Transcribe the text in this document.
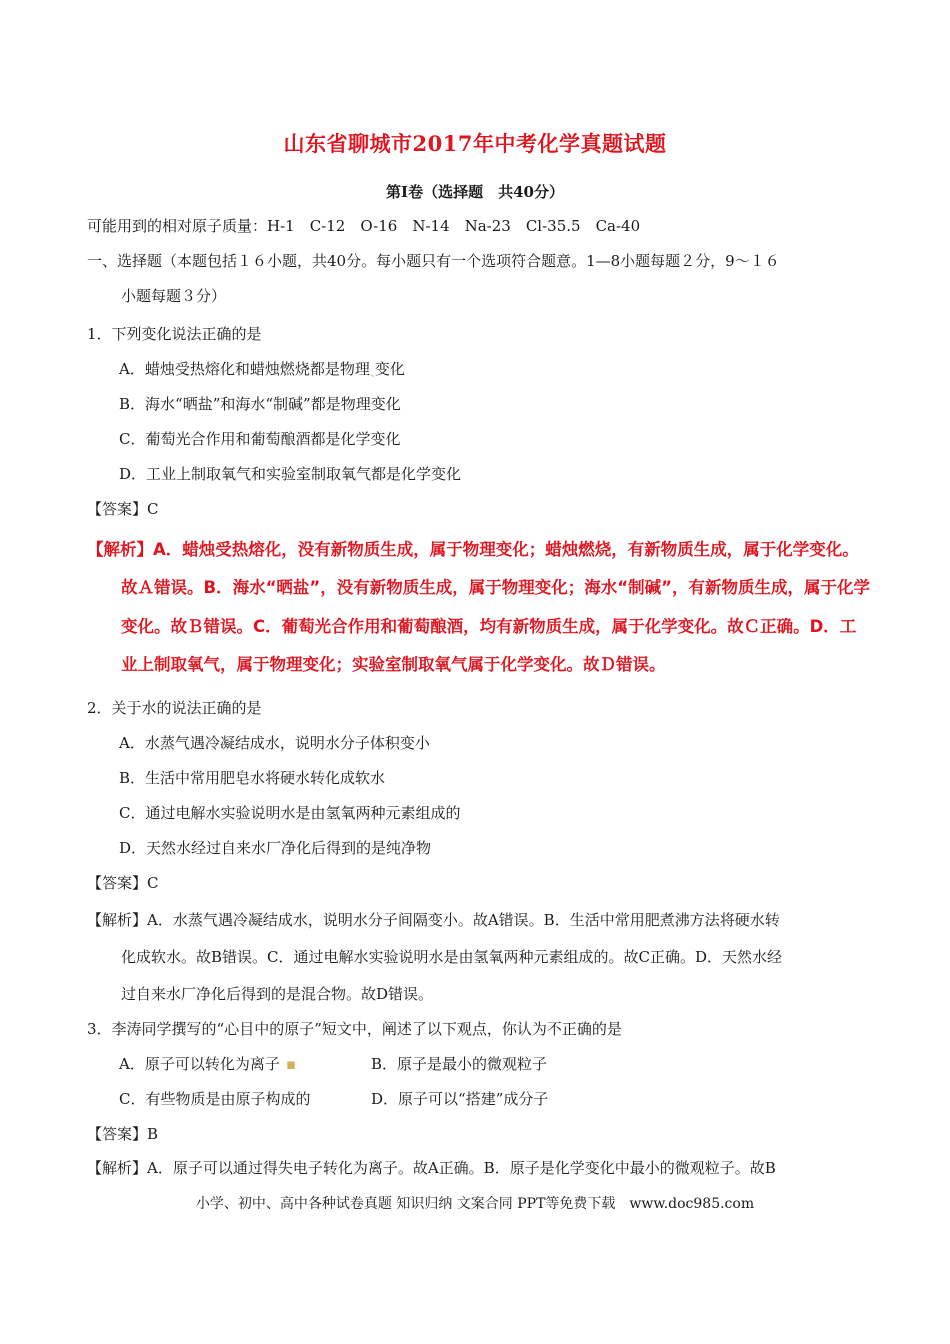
山东省聊城市2017年中考化学真题试题
第Ⅰ卷（选择题　共40分）
可能用到的相对原子质量：H-1　C-12　O-16　N-14　Na-23　Cl-35.5　Ca-40
一、选择题（本题包括１６小题，共40分。每小题只有一个选项符合题意。1—8小题每题２分，9～１６
小题每题３分）
1．下列变化说法正确的是
A．蜡烛受热熔化和蜡烛燃烧都是物理ˎ变化
B．海水“晒盐”和海水“制碱”都是物理变化
C．葡萄光合作用和葡萄酿酒都是化学变化
D．工业上制取氧气和实验室制取氧气都是化学变化
【答案】C
【解析】A．蜡烛受热熔化，没有新物质生成，属于物理变化；蜡烛燃烧，有新物质生成，属于化学变化。
故Ａ错误。B．海水“晒盐”，没有新物质生成，属于物理变化；海水“制碱”，有新物质生成，属于化学
变化。故Ｂ错误。C．葡萄光合作用和葡萄酿酒，均有新物质生成，属于化学变化。故Ｃ正确。D．工
业上制取氧气，属于物理变化；实验室制取氧气属于化学变化。故Ｄ错误。
2．关于水的说法正确的是
A．水蒸气遇冷凝结成水，说明水分子体积变小
B．生活中常用肥皂水将硬水转化成软水
C．通过电解水实验说明水是由氢氧两种元素组成的
D．天然水经过自来水厂净化后得到的是纯净物
【答案】C
【解析】A．水蒸气遇冷凝结成水，说明水分子间隔变小。故A错误。B．生活中常用肥煮沸方法将硬水转
化成软水。故B错误。C．通过电解水实验说明水是由氢氧两种元素组成的。故C正确。D．天然水经
过自来水厂净化后得到的是混合物。故D错误。
3．李涛同学撰写的“心目中的原子”短文中，阐述了以下观点，你认为不正确的是
A．原子可以转化为离子 ▪	B．原子是最小的微观粒子
C．有些物质是由原子构成的	D．原子可以“搭建”成分子
【答案】B
【解析】A．原子可以通过得失电子转化为离子。故A正确。B．原子是化学变化中最小的微观粒子。故B
小学、初中、高中各种试卷真题 知识归纳 文案合同 PPT等免费下载　www.doc985.com
